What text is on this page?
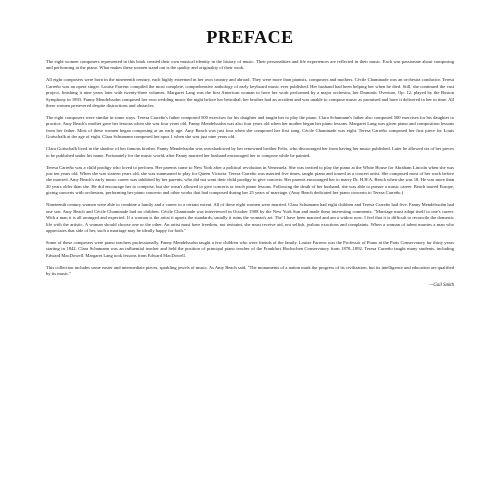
PREFACE

The eight women composers represented in this book created their own musical identity in the history of music. Their personalities and life experiences are reflected in their music. Each was passionate about composing and performing at the piano. What makes these women stand out is the quality and originality of their work.

All eight composers were born in the nineteenth century, each highly esteemed in her own country and abroad. They were more than pianists, composers and mothers. Cécile Chaminade was an orchestra conductor. Teresa Carreño was an opera singer. Louise Farrenc compiled the most complete, comprehensive anthology of early keyboard music ever published. Her husband had been helping her when he died. Still, she continued the vast project, finishing it nine years later with twenty-three volumes. Margaret Lang was the first American woman to have her work performed by a major orchestra, her Dramatic Overture, Op. 12, played by the Boston Symphony in 1893. Fanny Mendelssohn composed her own wedding music the night before her betrothal; her brother had an accident and was unable to compose music as promised and have it delivered to her in time. All these women persevered despite distractions and obstacles.

The eight composers were similar in some ways. Teresa Carreño's father composed 500 exercises for his daughter and taught her to play the piano. Clara Schumann's father also composed 500 exercises for his daughter to practice. Amy Beach's mother gave her lessons when she was four years old. Fanny Mendelssohn was also four years old when her mother began her piano lessons. Margaret Lang was given piano and composition lessons from her father. Most of these women began composing at an early age. Amy Beach was just four when she composed her first song. Cécile Chaminade was eight. Teresa Carreño composed her first piece for Louis Gottschalk at the age of eight. Clara Schumann composed her opus 1 when she was just nine years old.

Clara Gottschalk lived in the shadow of her famous brother. Fanny Mendelssohn was overshadowed by her renowned brother Felix, who discouraged her from having her music published. Later he allowed six of her pieces to be published under his name. Fortunately for the music world, after Fanny married her husband encouraged her to compose while he painted.

Teresa Carreño was a child prodigy who loved to perform. Her parents came to New York after a political revolution in Venezuela. She was invited to play the piano at the White House for Abraham Lincoln when she was just ten years old. When she was sixteen years old, she was summoned to play for Queen Victoria. Teresa Carreño was married five times, taught piano and toured as a concert artist. She composed most of her work before she married. Amy Beach's early music career was inhibited by her parents, who did not want their child prodigy to give concerts. Her parents encouraged her to marry Dr. H.H.A. Beach when she was 18. He was more than 20 years older than she. He did encourage her to compose, but she wasn't allowed to give concerts or teach piano lessons. Following the death of her husband, she was able to pursue a music career. Beach toured Europe, giving concerts with orchestras, performing her piano concerto and other works that had composed during her 25 years of marriage. (Amy Beach dedicated her piano concerto to Teresa Carreño.)

Nineteenth century women were able to combine a family and a career to a certain extent. All of these eight women were married. Clara Schumann had eight children and Teresa Carreño had five. Fanny Mendelssohn had one son. Amy Beach and Cécile Chaminade had no children. Cécile Chaminade was interviewed in October 1908 by the New York Sun and made these interesting comments: "Marriage must adapt itself to one's career. With a man it is all arranged and expected. If a woman is the artist it upsets the standards, usually it ruins the woman's art. The' I have been married and am a widow now. I feel that it is difficult to reconcile the domestic life with the artistic. A woman should choose one or the other. An artist must have freedom, not restraint, she must receive aid, not selfish, jealous exactions and complaints. When a woman of talent marries a man who appreciates that side of her, such a marriage may be ideally happy for both."

Some of these composers were piano teachers professionally. Fanny Mendelssohn taught a few children who were friends of the family. Louise Farrenc was the Professor of Piano at the Paris Conservatory for thirty years starting in 1842. Clara Schumann was an influential teacher and held the position of principal piano teacher of the Frankfurt Hochschen Conservatory from 1878–1892. Teresa Carreño taught many students, including Edward MacDowell. Margaret Lang took lessons from Edward MacDowell.

This collection includes some easier and intermediate pieces, sparkling jewels of music. As Amy Beach said, "The monuments of a nation mark the progress of its civilization, but its intelligence and education are qualified by its music."

—Gail Smith
